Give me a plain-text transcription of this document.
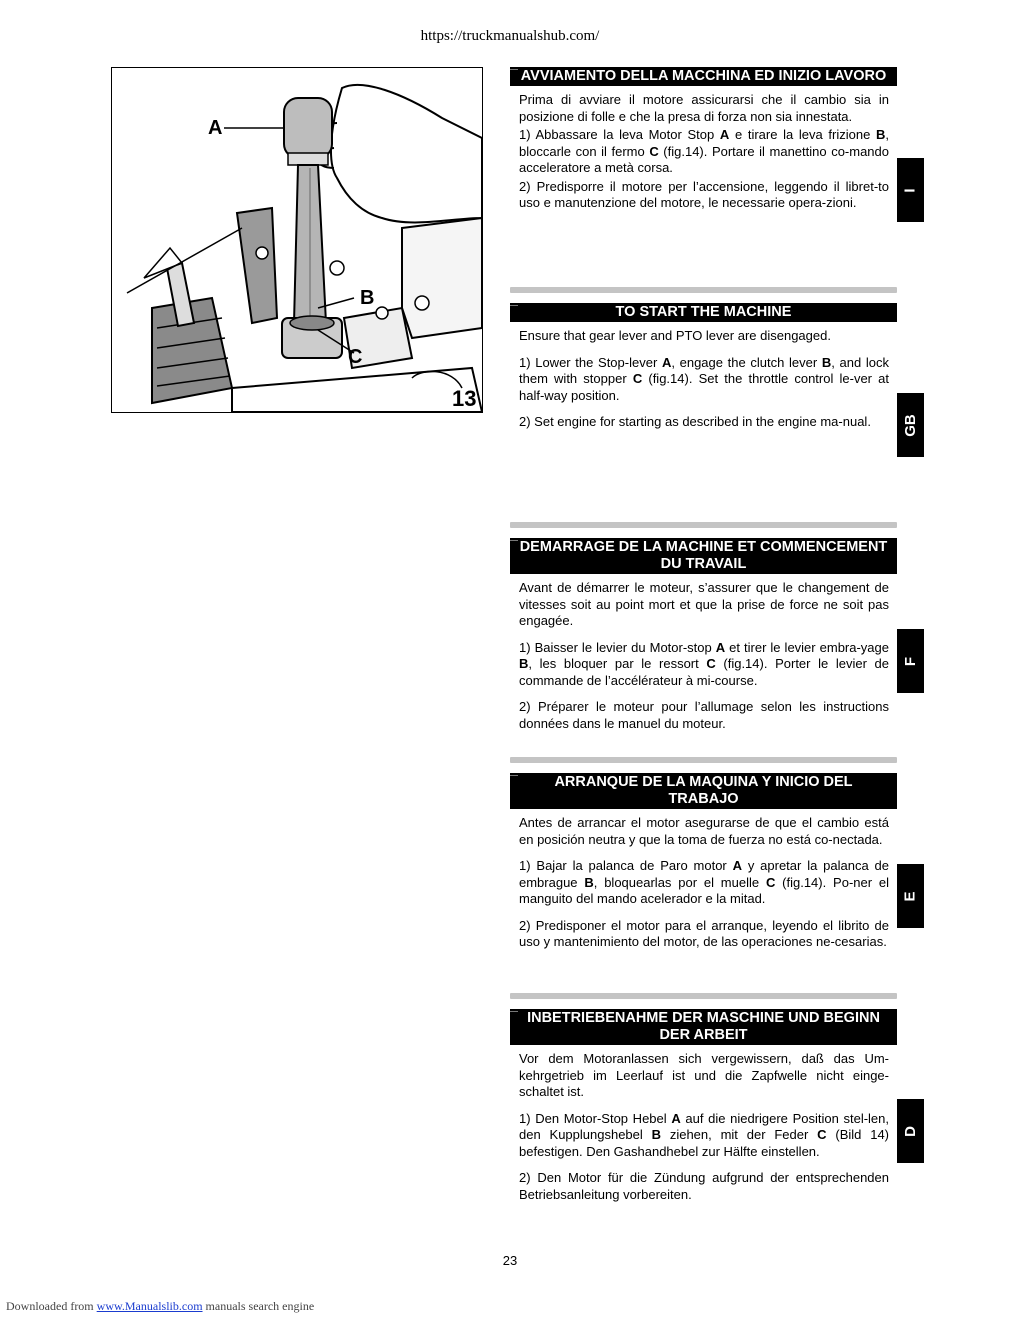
https://truckmanualshub.com/
A
B
C
13
AVVIAMENTO DELLA MACCHINA ED INIZIO LAVORO

Prima di avviare il motore assicurarsi che il cambio sia in posizione di folle e che la presa di forza non sia innestata.

1) Abbassare la leva Motor Stop A e tirare la leva frizione B, bloccarle con il fermo C (fig.14). Portare il manettino co-mando acceleratore a metà corsa.

2) Predisporre il motore per l’accensione, leggendo il libret-to uso e manutenzione del motore, le necessarie opera-zioni.

I
TO START THE MACHINE

Ensure that gear lever and PTO lever are disengaged.

1) Lower the Stop-lever A, engage the clutch lever B, and lock them with stopper C (fig.14). Set the throttle control le-ver at half-way position.

2) Set engine for starting as described in the engine ma-nual.	GB
DEMARRAGE DE LA MACHINE ET COMMENCEMENT DU TRAVAIL

Avant de démarrer le moteur, s’assurer que le changement de vitesses soit au point mort et que la prise de force ne soit pas engagée.

1) Baisser le levier du Motor-stop A et tirer le levier embra-yage B, les bloquer par le ressort C (fig.14). Porter le levier de commande de l’accélérateur à mi-course.

2) Préparer le moteur pour l’allumage selon les instructions données dans le manuel du moteur.

F
ARRANQUE DE LA MAQUINA Y INICIO DEL TRABAJO

Antes de arrancar el motor asegurarse de que el cambio está en posición neutra y que la toma de fuerza no está co-nectada.

1) Bajar la palanca de Paro motor A y apretar la palanca de embrague B, bloquearlas por el muelle C (fig.14). Po-ner el manguito del mando acelerador e la mitad.

2) Predisponer el motor para el arranque, leyendo el librito de uso y mantenimiento del motor, de las operaciones ne-cesarias.

E
INBETRIEBENAHME DER MASCHINE UND BEGINN DER ARBEIT

Vor dem Motoranlassen sich vergewissern, daß das Um-kehrgetrieb im Leerlauf ist und die Zapfwelle nicht einge-schaltet ist.

1) Den Motor-Stop Hebel A auf die niedrigere Position stel-len, den Kupplungshebel B ziehen, mit der Feder C (Bild 14) befestigen. Den Gashandhebel zur Hälfte einstellen.

2) Den Motor für die Zündung aufgrund der entsprechenden Betriebsanleitung vorbereiten.

D
23
Downloaded from www.Manualslib.com manuals search engine
